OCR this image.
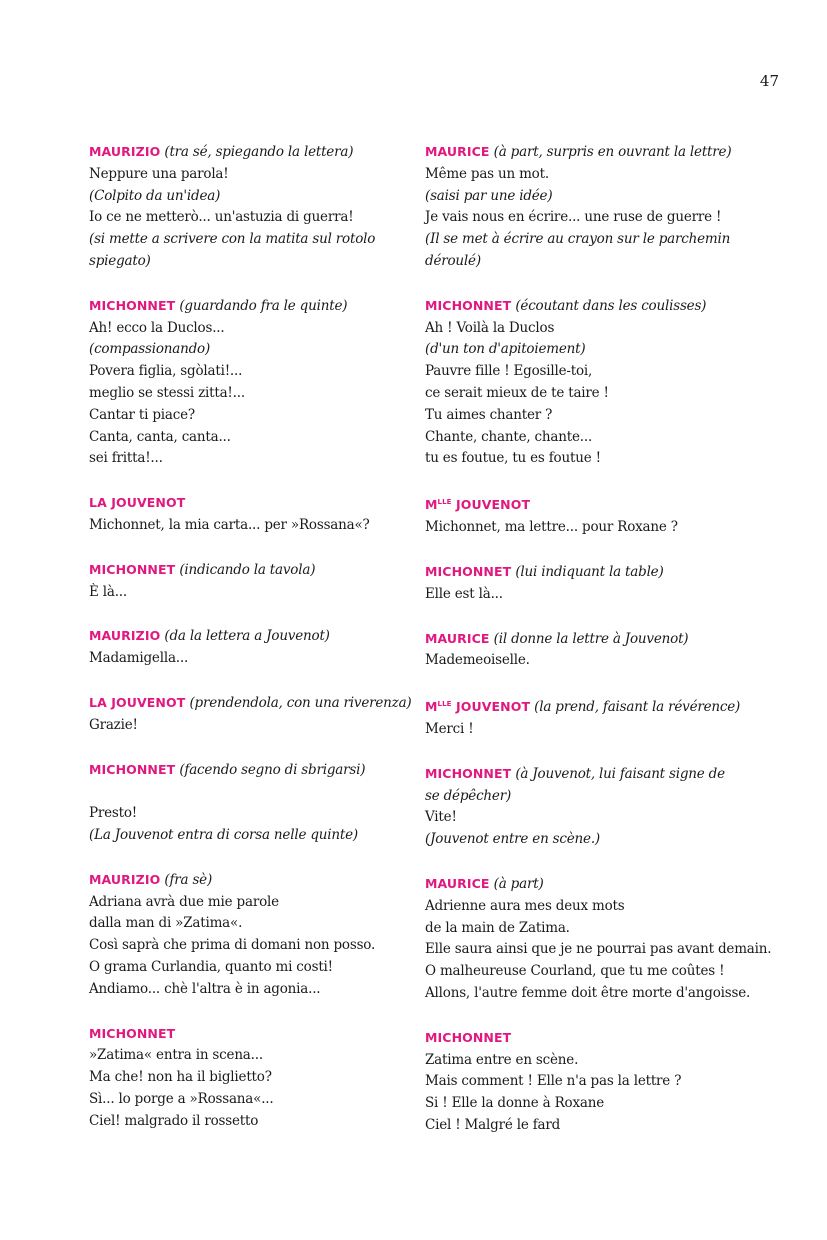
47
MAURIZIO (tra sé, spiegando la lettera)
Neppure una parola!
(Colpito da un'idea)
Io ce ne metterò... un'astuzia di guerra!
(si mette a scrivere con la matita sul rotolo
spiegato)
MICHONNET (guardando fra le quinte)
Ah! ecco la Duclos...
(compassionando)
Povera figlia, sgòlati!...
meglio se stessi zitta!...
Cantar ti piace?
Canta, canta, canta...
sei fritta!...
LA JOUVENOT
Michonnet, la mia carta... per »Rossana«?
MICHONNET (indicando la tavola)
È là...
MAURIZIO (da la lettera a Jouvenot)
Madamigella...
LA JOUVENOT (prendendola, con una riverenza)
Grazie!
MICHONNET (facendo segno di sbrigarsi)

Presto!
(La Jouvenot entra di corsa nelle quinte)
MAURIZIO (fra sè)
Adriana avrà due mie parole
dalla man di »Zatima«.
Così saprà che prima di domani non posso.
O grama Curlandia, quanto mi costi!
Andiamo... chè l'altra è in agonia...
MICHONNET
»Zatima« entra in scena...
Ma che! non ha il biglietto?
Sì... lo porge a »Rossana«...
Ciel! malgrado il rossetto
MAURICE (à part, surpris en ouvrant la lettre)
Même pas un mot.
(saisi par une idée)
Je vais nous en écrire... une ruse de guerre !
(Il se met à écrire au crayon sur le parchemin
déroulé)
MICHONNET (écoutant dans les coulisses)
Ah ! Voilà la Duclos
(d'un ton d'apitoiement)
Pauvre fille ! Egosille-toi,
ce serait mieux de te taire !
Tu aimes chanter ?
Chante, chante, chante...
tu es foutue, tu es foutue !
$M^{LLE}$ JOUVENOT
Michonnet, ma lettre... pour Roxane ?
MICHONNET (lui indiquant la table)
Elle est là...
MAURICE (il donne la lettre à Jouvenot)
Mademeoiselle.
$M^{LLE}$ JOUVENOT (la prend, faisant la révérence)
Merci !
MICHONNET (à Jouvenot, lui faisant signe de
se dépêcher)
Vite!
(Jouvenot entre en scène.)
MAURICE (à part)
Adrienne aura mes deux mots
de la main de Zatima.
Elle saura ainsi que je ne pourrai pas avant demain.
O malheureuse Courland, que tu me coûtes !
Allons, l'autre femme doit être morte d'angoisse.
MICHONNET
Zatima entre en scène.
Mais comment ! Elle n'a pas la lettre ?
Si ! Elle la donne à Roxane
Ciel ! Malgré le fard
